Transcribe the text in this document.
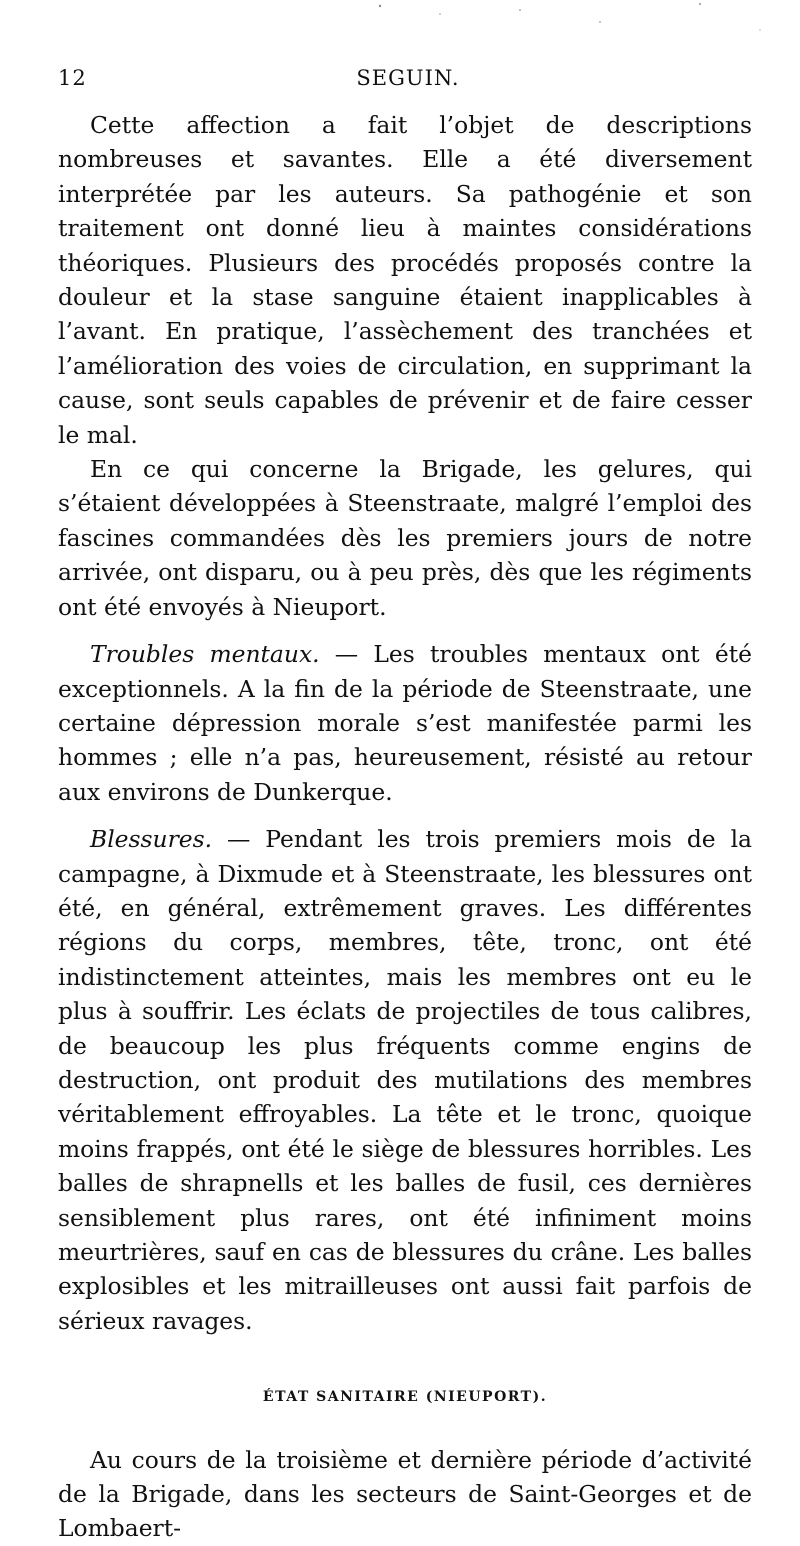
12	SEGUIN.

Cette affection a fait l’objet de descriptions nombreuses et savantes. Elle a été diversement interprétée par les auteurs. Sa pathogénie et son traitement ont donné lieu à maintes considérations théoriques. Plusieurs des procédés proposés contre la douleur et la stase sanguine étaient inapplicables à l’avant. En pratique, l’assèchement des tranchées et l’amélioration des voies de circulation, en supprimant la cause, sont seuls capables de prévenir et de faire cesser le mal.

En ce qui concerne la Brigade, les gelures, qui s’étaient développées à Steenstraate, malgré l’emploi des fascines commandées dès les premiers jours de notre arrivée, ont disparu, ou à peu près, dès que les régiments ont été envoyés à Nieuport.

Troubles mentaux. — Les troubles mentaux ont été exceptionnels. A la fin de la période de Steenstraate, une certaine dépression morale s’est manifestée parmi les hommes ; elle n’a pas, heureusement, résisté au retour aux environs de Dunkerque.

Blessures. — Pendant les trois premiers mois de la campagne, à Dixmude et à Steenstraate, les blessures ont été, en général, extrêmement graves. Les différentes régions du corps, membres, tête, tronc, ont été indistinctement atteintes, mais les membres ont eu le plus à souffrir. Les éclats de projectiles de tous calibres, de beaucoup les plus fréquents comme engins de destruction, ont produit des mutilations des membres véritablement effroyables. La tête et le tronc, quoique moins frappés, ont été le siège de blessures horribles. Les balles de shrapnells et les balles de fusil, ces dernières sensiblement plus rares, ont été infiniment moins meurtrières, sauf en cas de blessures du crâne. Les balles explosibles et les mitrailleuses ont aussi fait parfois de sérieux ravages.

ÉTAT SANITAIRE (NIEUPORT).

Au cours de la troisième et dernière période d’activité de la Brigade, dans les secteurs de Saint-Georges et de Lombaert-
